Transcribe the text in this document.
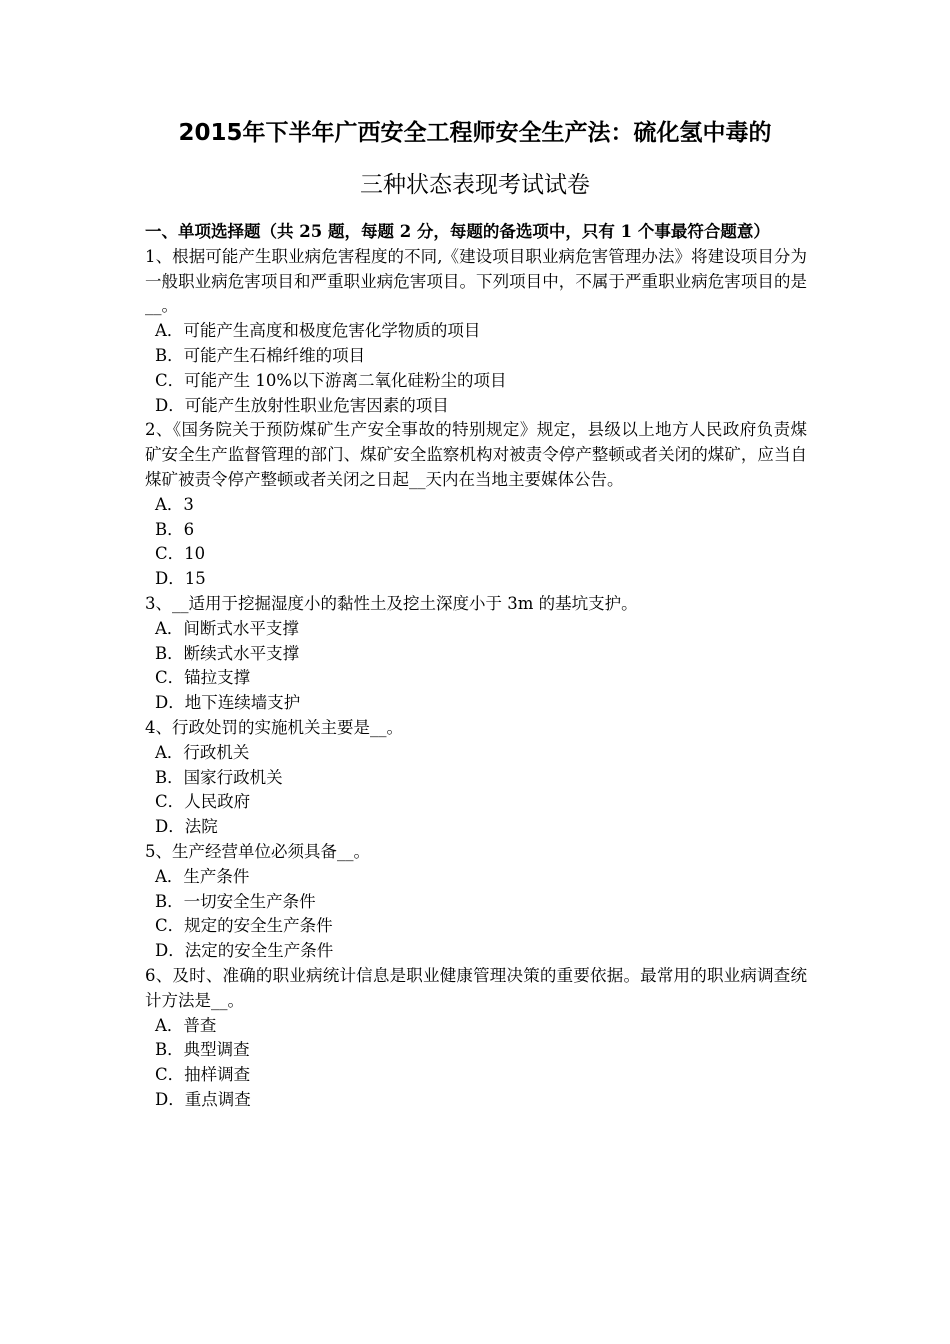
2015年下半年广西安全工程师安全生产法：硫化氢中毒的
三种状态表现考试试卷

一、单项选择题（共 25 题，每题 2 分，每题的备选项中，只有 1 个事最符合题意）

1、根据可能产生职业病危害程度的不同,《建设项目职业病危害管理办法》将建设项目分为一般职业病危害项目和严重职业病危害项目。下列项目中，不属于严重职业病危害项目的是__。

A．可能产生高度和极度危害化学物质的项目

B．可能产生石棉纤维的项目

C．可能产生 10%以下游离二氧化硅粉尘的项目

D．可能产生放射性职业危害因素的项目

2、《国务院关于预防煤矿生产安全事故的特别规定》规定，县级以上地方人民政府负责煤矿安全生产监督管理的部门、煤矿安全监察机构对被责令停产整顿或者关闭的煤矿，应当自煤矿被责令停产整顿或者关闭之日起__天内在当地主要媒体公告。

A．3

B．6

C．10

D．15

3、__适用于挖掘湿度小的黏性土及挖土深度小于 3m 的基坑支护。

A．间断式水平支撑

B．断续式水平支撑

C．锚拉支撑

D．地下连续墙支护

4、行政处罚的实施机关主要是__。

A．行政机关

B．国家行政机关

C．人民政府

D．法院

5、生产经营单位必须具备__。

A．生产条件

B．一切安全生产条件

C．规定的安全生产条件

D．法定的安全生产条件

6、及时、准确的职业病统计信息是职业健康管理决策的重要依据。最常用的职业病调查统计方法是__。

A．普查

B．典型调查

C．抽样调查

D．重点调查
